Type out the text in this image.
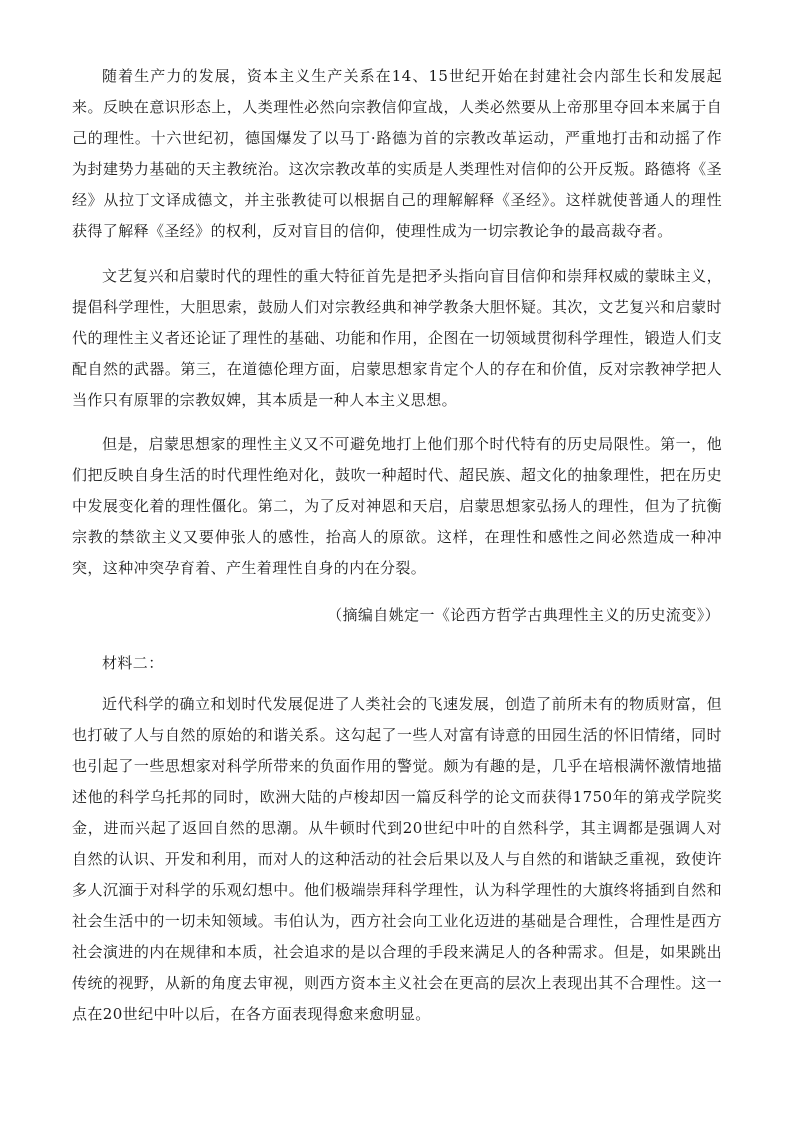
随着生产力的发展，资本主义生产关系在14、15世纪开始在封建社会内部生长和发展起来。反映在意识形态上，人类理性必然向宗教信仰宣战，人类必然要从上帝那里夺回本来属于自己的理性。十六世纪初，德国爆发了以马丁·路德为首的宗教改革运动，严重地打击和动摇了作为封建势力基础的天主教统治。这次宗教改革的实质是人类理性对信仰的公开反叛。路德将《圣经》从拉丁文译成德文，并主张教徒可以根据自己的理解解释《圣经》。这样就使普通人的理性获得了解释《圣经》的权利，反对盲目的信仰，使理性成为一切宗教论争的最高裁夺者。

文艺复兴和启蒙时代的理性的重大特征首先是把矛头指向盲目信仰和崇拜权威的蒙昧主义，提倡科学理性，大胆思索，鼓励人们对宗教经典和神学教条大胆怀疑。其次，文艺复兴和启蒙时代的理性主义者还论证了理性的基础、功能和作用，企图在一切领域贯彻科学理性，锻造人们支配自然的武器。第三，在道德伦理方面，启蒙思想家肯定个人的存在和价值，反对宗教神学把人当作只有原罪的宗教奴婢，其本质是一种人本主义思想。

但是，启蒙思想家的理性主义又不可避免地打上他们那个时代特有的历史局限性。第一，他们把反映自身生活的时代理性绝对化，鼓吹一种超时代、超民族、超文化的抽象理性，把在历史中发展变化着的理性僵化。第二，为了反对神恩和天启，启蒙思想家弘扬人的理性，但为了抗衡宗教的禁欲主义又要伸张人的感性，抬高人的原欲。这样，在理性和感性之间必然造成一种冲突，这种冲突孕育着、产生着理性自身的内在分裂。

（摘编自姚定一《论西方哲学古典理性主义的历史流变》）

材料二：

近代科学的确立和划时代发展促进了人类社会的飞速发展，创造了前所未有的物质财富，但也打破了人与自然的原始的和谐关系。这勾起了一些人对富有诗意的田园生活的怀旧情绪，同时也引起了一些思想家对科学所带来的负面作用的警觉。颇为有趣的是，几乎在培根满怀激情地描述他的科学乌托邦的同时，欧洲大陆的卢梭却因一篇反科学的论文而获得1750年的第戎学院奖金，进而兴起了返回自然的思潮。从牛顿时代到20世纪中叶的自然科学，其主调都是强调人对自然的认识、开发和利用，而对人的这种活动的社会后果以及人与自然的和谐缺乏重视，致使许多人沉湎于对科学的乐观幻想中。他们极端崇拜科学理性，认为科学理性的大旗终将插到自然和社会生活中的一切未知领域。韦伯认为，西方社会向工业化迈进的基础是合理性，合理性是西方社会演进的内在规律和本质，社会追求的是以合理的手段来满足人的各种需求。但是，如果跳出传统的视野，从新的角度去审视，则西方资本主义社会在更高的层次上表现出其不合理性。这一点在20世纪中叶以后，在各方面表现得愈来愈明显。
